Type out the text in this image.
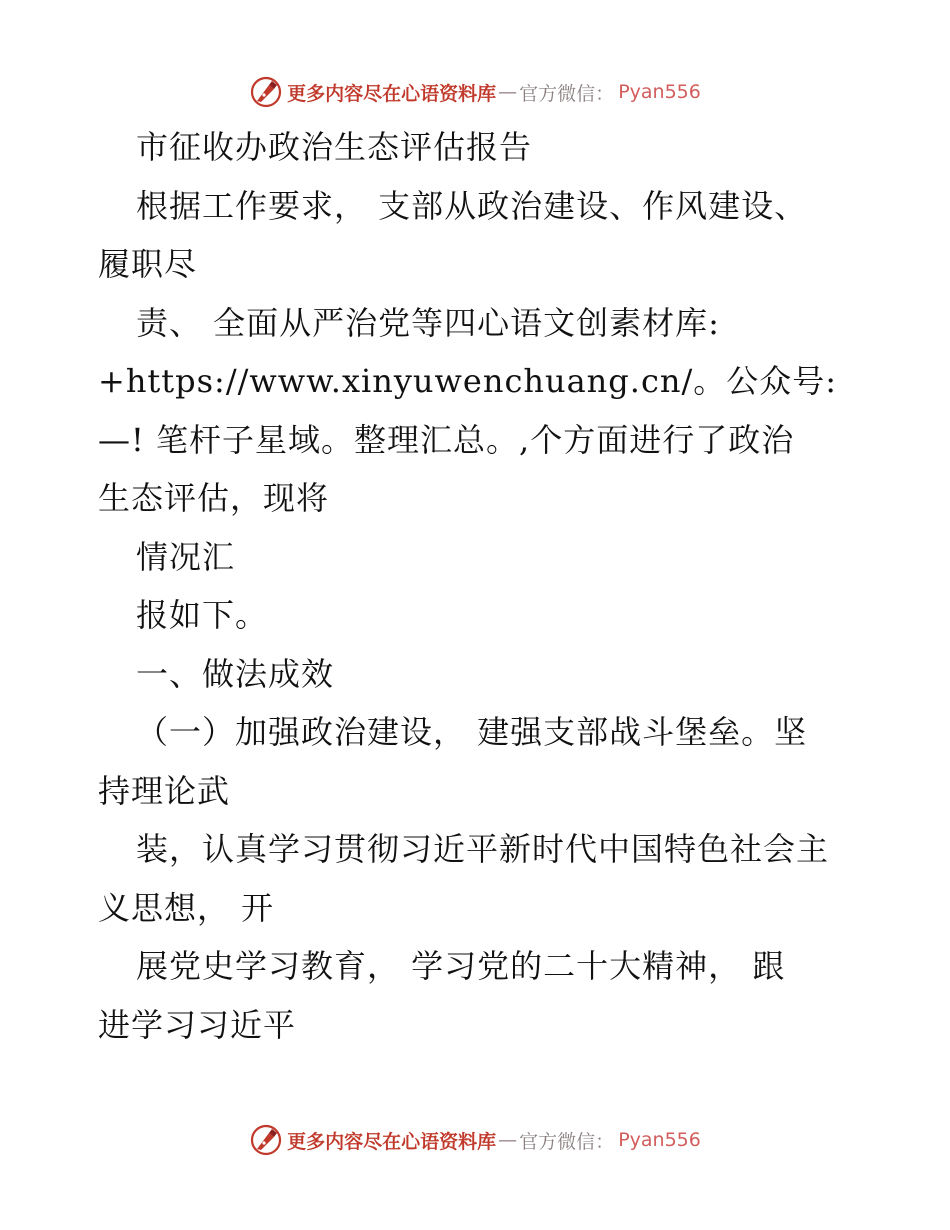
更多内容尽在心语资料库 — 官方微信 ： Pyan556
市征收办政治生态评估报告
根据工作要求， 支部从政治建设、作风建设、
履职尽
责、 全面从严治党等四心语文创素材库:
+https://www.xinyuwenchuang.cn/。公众号:
—! 笔杆子星域。整理汇总。,个方面进行了政治
生态评估，现将
情况汇
报如下。
一、做法成效
（一）加强政治建设， 建强支部战斗堡垒。坚
持理论武
装，认真学习贯彻习近平新时代中国特色社会主
义思想， 开
展党史学习教育， 学习党的二十大精神， 跟
进学习习近平
更多内容尽在心语资料库 — 官方微信 ： Pyan556
